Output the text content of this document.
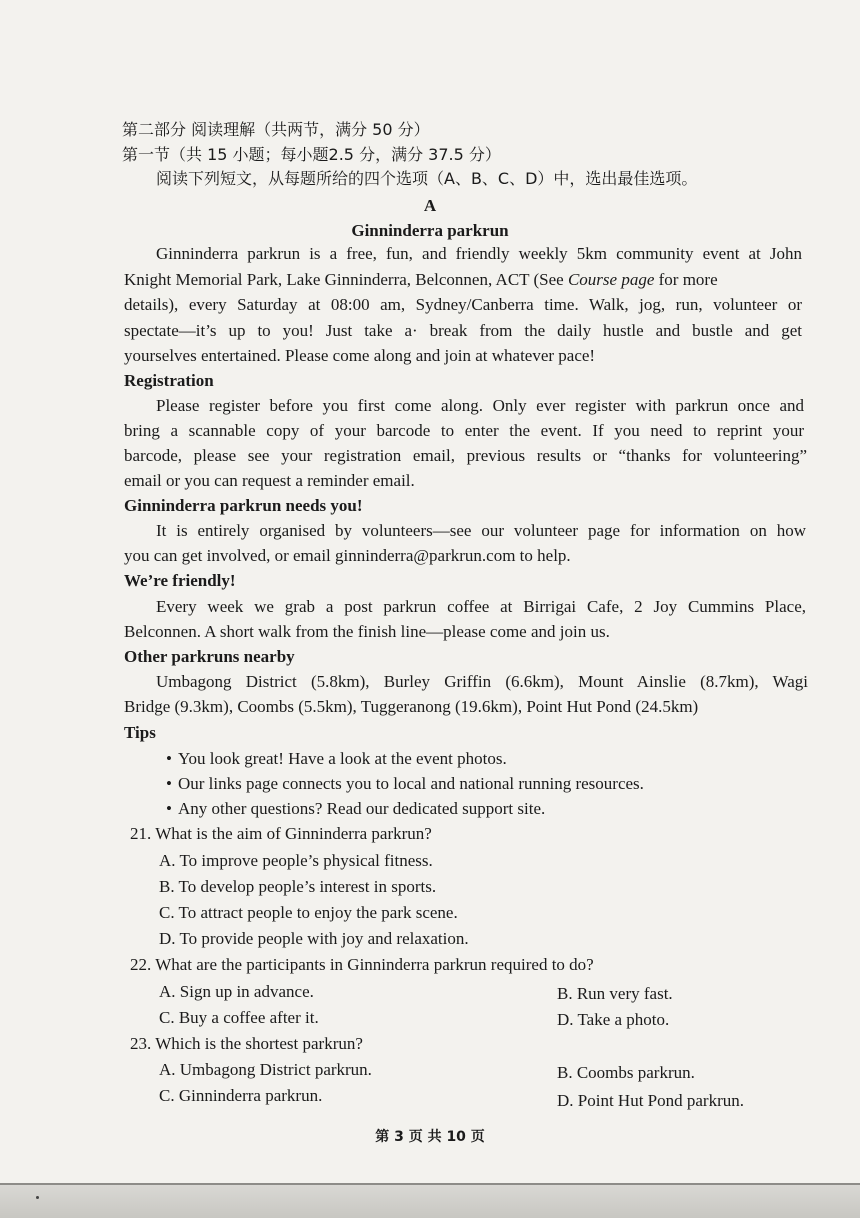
第二部分 阅读理解（共两节，满分 50 分）
第一节（共 15 小题；每小题2.5 分，满分 37.5 分）
阅读下列短文，从每题所给的四个选项（A、B、C、D）中，选出最佳选项。
A
Ginninderra parkrun
Ginninderra parkrun is a free, fun, and friendly weekly 5km community event at John
Knight Memorial Park, Lake Ginninderra, Belconnen, ACT (See Course page for more
details), every Saturday at 08:00 am, Sydney/Canberra time. Walk, jog, run, volunteer or
spectate—it’s up to you! Just take a· break from the daily hustle and bustle and get
yourselves entertained. Please come along and join at whatever pace!
Registration
Please register before you first come along. Only ever register with parkrun once and
bring a scannable copy of your barcode to enter the event. If you need to reprint your
barcode, please see your registration email, previous results or “thanks for volunteering”
email or you can request a reminder email.
Ginninderra parkrun needs you!
It is entirely organised by volunteers—see our volunteer page for information on how
you can get involved, or email ginninderra@parkrun.com to help.
We’re friendly!
Every week we grab a post parkrun coffee at Birrigai Cafe, 2 Joy Cummins Place,
Belconnen. A short walk from the finish line—please come and join us.
Other parkruns nearby
Umbagong District (5.8km), Burley Griffin (6.6km), Mount Ainslie (8.7km), Wagi
Bridge (9.3km), Coombs (5.5km), Tuggeranong (19.6km), Point Hut Pond (24.5km)
Tips
• You look great! Have a look at the event photos.
• Our links page connects you to local and national running resources.
• Any other questions? Read our dedicated support site.
21. What is the aim of Ginninderra parkrun?
A. To improve people’s physical fitness.
B. To develop people’s interest in sports.
C. To attract people to enjoy the park scene.
D. To provide people with joy and relaxation.
22. What are the participants in Ginninderra parkrun required to do?
A. Sign up in advance.	B. Run very fast.
C. Buy a coffee after it.	D. Take a photo.
23. Which is the shortest parkrun?
A. Umbagong District parkrun.	B. Coombs parkrun.
C. Ginninderra parkrun.	D. Point Hut Pond parkrun.
第 3 页 共 10 页
